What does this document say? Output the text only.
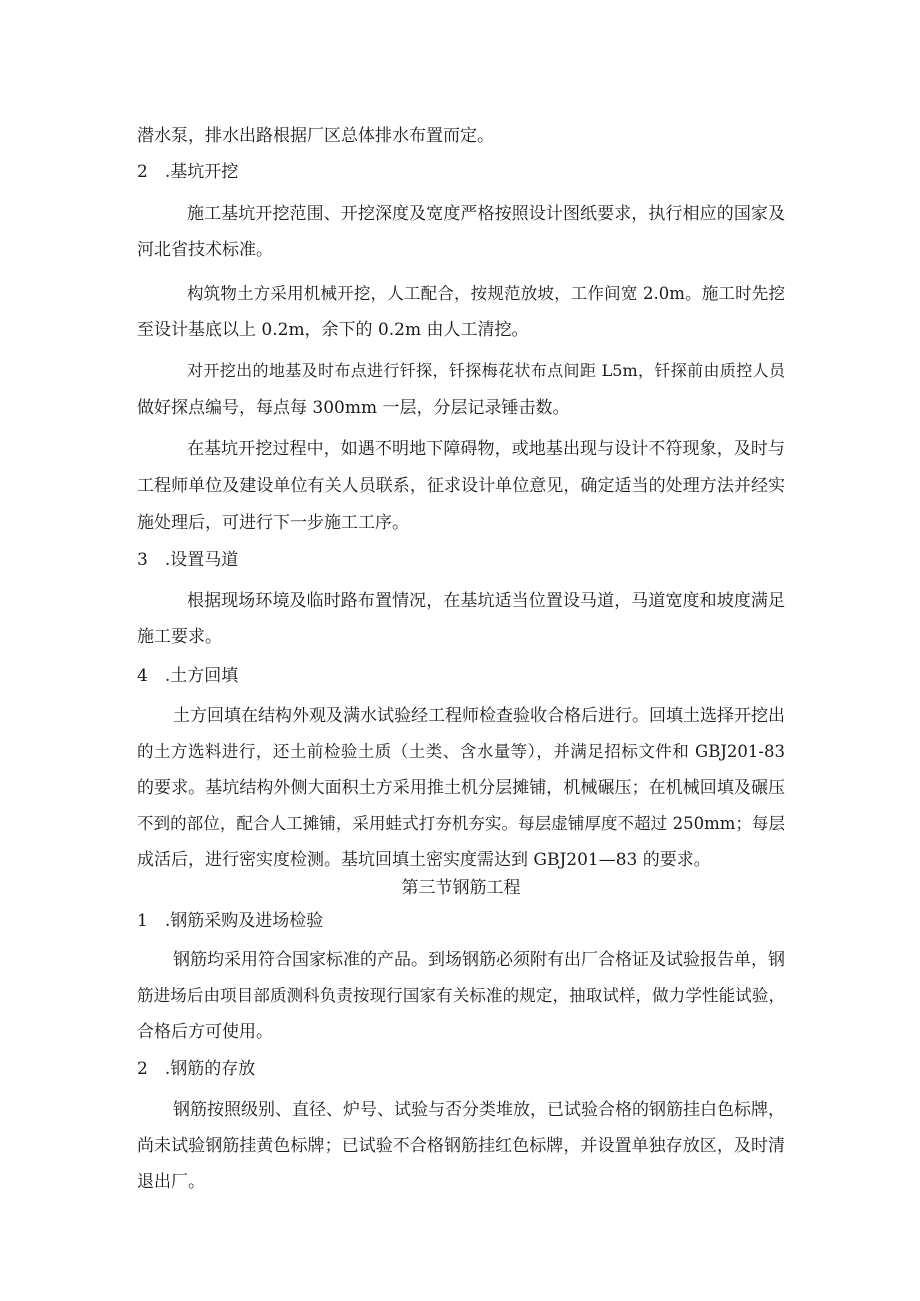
潜水泵，排水出路根据厂区总体排水布置而定。
2　.基坑开挖
施工基坑开挖范围、开挖深度及宽度严格按照设计图纸要求，执行相应的国家及
河北省技术标准。
构筑物土方采用机械开挖，人工配合，按规范放坡，工作间宽 2.0m。施工时先挖
至设计基底以上 0.2m，余下的 0.2m 由人工清挖。
对开挖出的地基及时布点进行钎探，钎探梅花状布点间距 L5m，钎探前由质控人员
做好探点编号，每点每 300mm 一层，分层记录锤击数。
在基坑开挖过程中，如遇不明地下障碍物，或地基出现与设计不符现象，及时与
工程师单位及建设单位有关人员联系，征求设计单位意见，确定适当的处理方法并经实
施处理后，可进行下一步施工工序。
3　.设置马道
根据现场环境及临时路布置情况，在基坑适当位置设马道，马道宽度和坡度满足
施工要求。
4　.土方回填
土方回填在结构外观及满水试验经工程师检查验收合格后进行。回填土选择开挖出
的土方选料进行，还土前检验土质（土类、含水量等），并满足招标文件和 GBJ201-83
的要求。基坑结构外侧大面积土方采用推土机分层摊铺，机械碾压；在机械回填及碾压
不到的部位，配合人工摊铺，采用蛙式打夯机夯实。每层虚铺厚度不超过 250mm；每层
成活后，进行密实度检测。基坑回填土密实度需达到 GBJ201—83 的要求。
第三节钢筋工程
1　.钢筋采购及进场检验
钢筋均采用符合国家标准的产品。到场钢筋必须附有出厂合格证及试验报告单，钢
筋进场后由项目部质测科负责按现行国家有关标准的规定，抽取试样，做力学性能试验，
合格后方可使用。
2　.钢筋的存放
钢筋按照级别、直径、炉号、试验与否分类堆放，已试验合格的钢筋挂白色标牌，
尚未试验钢筋挂黄色标牌；已试验不合格钢筋挂红色标牌，并设置单独存放区，及时清
退出厂。
